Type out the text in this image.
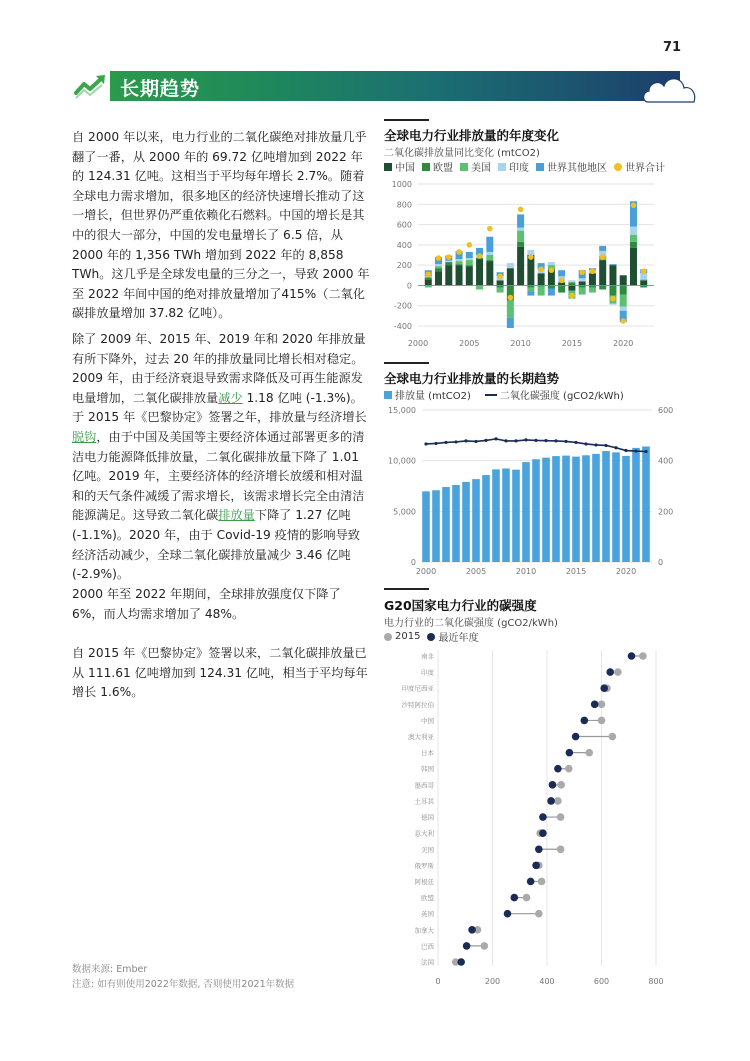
71
长期趋势

自 2000 年以来，电力行业的二氧化碳绝对排放量几乎翻了一番，从 2000 年的 69.72 亿吨增加到 2022 年的 124.31 亿吨。这相当于平均每年增长 2.7%。随着全球电力需求增加，很多地区的经济快速增长推动了这一增长，但世界仍严重依赖化石燃料。中国的增长是其中的很大一部分，中国的发电量增长了 6.5 倍，从 2000 年的 1,356 TWh 增加到 2022 年的 8,858 TWh。这几乎是全球发电量的三分之一，导致 2000 年至 2022 年间中国的绝对排放量增加了415%（二氧化碳排放量增加 37.82 亿吨）。

除了 2009 年、2015 年、2019 年和 2020 年排放量有所下降外，过去 20 年的排放量同比增长相对稳定。2009 年，由于经济衰退导致需求降低及可再生能源发电量增加，二氧化碳排放量减少 1.18 亿吨 (-1.3%)。于 2015 年《巴黎协定》签署之年，排放量与经济增长脱钩，由于中国及美国等主要经济体通过部署更多的清洁电力能源降低排放量，二氧化碳排放量下降了 1.01 亿吨。2019 年，主要经济体的经济增长放缓和相对温和的天气条件减缓了需求增长，该需求增长完全由清洁能源满足。这导致二氧化碳排放量下降了 1.27 亿吨 (-1.1%)。2020 年，由于 Covid-19 疫情的影响导致经济活动减少，全球二氧化碳排放量减少 3.46 亿吨 (-2.9%)。

2000 年至 2022 年期间，全球排放强度仅下降了 6%，而人均需求增加了 48%。

自 2015 年《巴黎协定》签署以来，二氧化碳排放量已从 111.61 亿吨增加到 124.31 亿吨，相当于平均每年增长 1.6%。

数据来源: Ember
注意: 如有则使用2022年数据, 否则使用2021年数据
全球电力行业排放量的年度变化
二氧化碳排放量同比变化 (mtCO2)
中国 欧盟 美国 印度 世界其他地区 世界合计
-400
-200
0
200
400
600
800
1000
2000	2005	2010	2015	2020
全球电力行业排放量的长期趋势
排放量 (mtCO2)	二氧化碳强度 (gCO2/kWh)
0
5,000
10,000
15,000
0
200
400
600
2000	2005	2010	2015	2020
G20国家电力行业的碳强度
电力行业的二氧化碳强度 (gCO2/kWh)
2015 最近年度
0	200	400	600	800
南非
印度
印度尼西亚
沙特阿拉伯
中国
澳大利亚
日本
韩国
墨西哥
土耳其
德国
意大利
美国
俄罗斯
阿根廷
欧盟
英国
加拿大
巴西
法国
